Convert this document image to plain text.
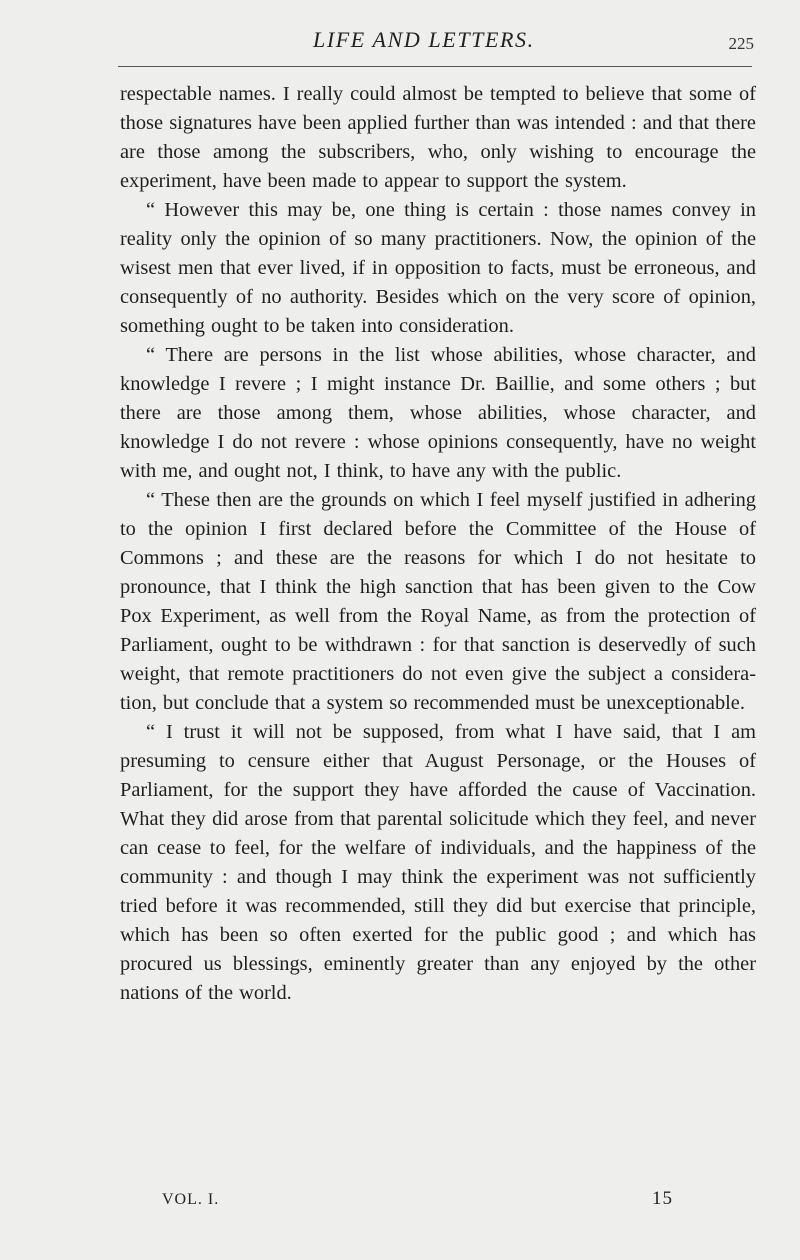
LIFE AND LETTERS.	225

respectable names. I really could almost be tempted to believe that some of those signatures have been applied further than was intended : and that there are those among the subscribers, who, only wishing to encourage the experiment, have been made to appear to support the system.

“ However this may be, one thing is certain : those names convey in reality only the opinion of so many practitioners. Now, the opinion of the wisest men that ever lived, if in opposition to facts, must be erroneous, and consequently of no authority. Besides which on the very score of opinion, something ought to be taken into consideration.

“ There are persons in the list whose abilities, whose character, and knowledge I revere ; I might instance Dr. Baillie, and some others ; but there are those among them, whose abilities, whose character, and knowledge I do not revere : whose opinions consequently, have no weight with me, and ought not, I think, to have any with the public.

“ These then are the grounds on which I feel myself justified in adhering to the opinion I first declared before the Committee of the House of Commons ; and these are the reasons for which I do not hesitate to pronounce, that I think the high sanction that has been given to the Cow Pox Experiment, as well from the Royal Name, as from the protection of Parliament, ought to be withdrawn : for that sanction is deservedly of such weight, that remote practitioners do not even give the subject a consideration, but conclude that a system so recommended must be unexceptionable.

“ I trust it will not be supposed, from what I have said, that I am presuming to censure either that August Personage, or the Houses of Parliament, for the support they have afforded the cause of Vaccination. What they did arose from that parental solicitude which they feel, and never can cease to feel, for the welfare of individuals, and the happiness of the community : and though I may think the experiment was not sufficiently tried before it was recommended, still they did but exercise that principle, which has been so often exerted for the public good ; and which has procured us blessings, eminently greater than any enjoyed by the other nations of the world.

VOL. I.	15
